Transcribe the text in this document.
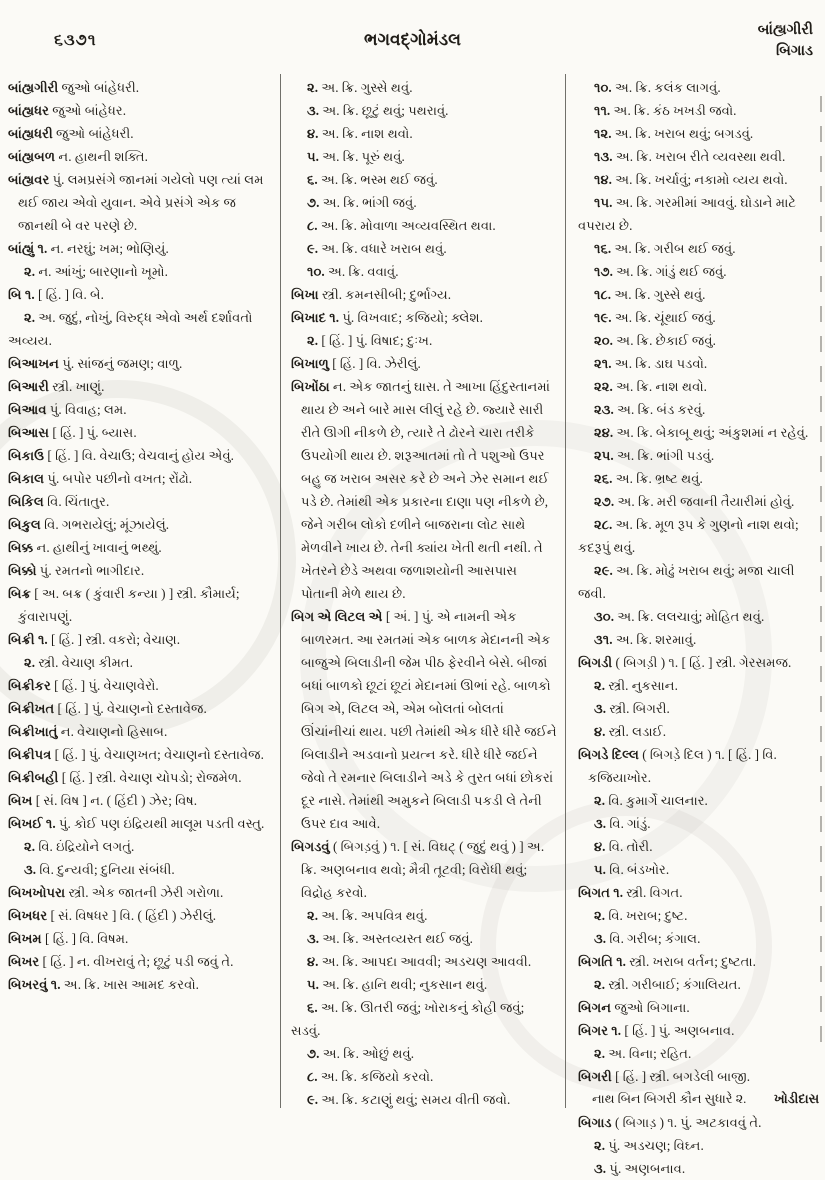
૬૩૭૧	ભગવદ્ગોમંડલ	બાંહ્યગીરી
બિગાડ

બાંહ્યગીરી જુઓ બાંહેધરી.

બાંહ્યધર જુઓ બાંહેધર.

બાંહ્યધરી જુઓ બાંહેધરી.

બાંહ્યબળ ન. હાથની શક્તિ.

બાંહ્યવર પું. લમપ્રસંગે જાનમાં ગયેલો પણ ત્યાં લમ થઈ જાય એવો યુવાન. એવે પ્રસંગે એક જ જાનથી બે વર પરણે છે.

બાંહ્યું ૧. ન. નરઘું; ખમ; ભોણિયું.

૨. ન. આંખું; બારણાનો ખૂમો.

બિ ૧. [ હિં. ] વિ. બે.

૨. અ. જુદું, નોખું, વિરુદ્ધ એવો અર્થ દર્શાવતો અવ્યય.

બિઆખન પું. સાંજનું જમણ; વાળુ.

બિઆરી સ્ત્રી. ખાણું.

બિઆવ પું. વિવાહ; લમ.

બિઆસ [ હિં. ] પું. બ્યાસ.

બિકાઉ [ હિં. ] વિ. વેચાઉ; વેચવાનું હોય એવું.

બિકાલ પું. બપોર પછીનો વખત; રોંઢો.

બિકિલ વિ. ચિંતાતુર.

બિકુલ વિ. ગભરાયેલું; મૂંઝાયેલું.

બિક્ક ન. હાથીનું ખાવાનું ભથ્થું.

બિક્કો પું. રમતનો ભાગીદાર.

બિક્ર [ અ. બક્ર ( કુંવારી કન્યા ) ] સ્ત્રી. કૌમાર્ય; કુંવારાપણું.

બિક્રી ૧. [ હિં. ] સ્ત્રી. વકરો; વેચાણ.

૨. સ્ત્રી. વેચાણ કીમત.

બિક્રીકર [ હિં. ] પું. વેચાણવેરો.

બિક્રીખત [ હિં. ] પું. વેચાણનો દસ્તાવેજ.

બિક્રીખાતું ન. વેચાણનો હિસાબ.

બિક્રીપત્ર [ હિં. ] પું. વેચાણખત; વેચાણનો દસ્તાવેજ.

બિક્રીબહી [ હિં. ] સ્ત્રી. વેચાણ ચોપડો; રોજમેળ.

બિખ [ સં. વિષ ] ન. ( હિંદી ) ઝેર; વિષ.

બિખઈ ૧. પું. કોઈ પણ ઇંદ્રિયથી માલૂમ પડતી વસ્તુ.

૨. વિ. ઇંદ્રિયોને લગતું.

૩. વિ. દુન્યવી; દુનિયા સંબંધી.

બિખખોપરા સ્ત્રી. એક જાતની ઝેરી ગરોળા.

બિખધર [ સં. વિષધર ] વિ. ( હિંદી ) ઝેરીલું.

બિખમ [ હિં. ] વિ. વિષમ.

બિખર [ હિં. ] ન. વીખરાવું તે; છૂટું પડી જવું તે.

બિખરવું ૧. અ. ક્રિ. ખાસ આમદ કરવો.

૨. અ. ક્રિ. ગુસ્સે થવું.

૩. અ. ક્રિ. છૂટું થવું; પથરાવું.

૪. અ. ક્રિ. નાશ થવો.

૫. અ. ક્રિ. પૂરું થવું.

૬. અ. ક્રિ. ભસ્મ થઈ જવું.

૭. અ. ક્રિ. ભાંગી જવું.

૮. અ. ક્રિ. મોવાળા અવ્યવસ્થિત થવા.

૯. અ. ક્રિ. વધારે ખરાબ થવું.

૧૦. અ. ક્રિ. વવાવું.

બિખા સ્ત્રી. કમનસીબી; દુર્ભાગ્ય.

બિખાદ ૧. પું. વિખવાદ; કજિયો; ક્લેશ.

૨. [ હિં. ] પું. વિષાદ; દુઃખ.

બિખાળુ [ હિં. ] વિ. ઝેરીલું.

બિખોંઠા ન. એક જાતનું ઘાસ. તે આખા હિંદુસ્તાનમાં થાય છે અને બારે માસ લીલું રહે છે. જ્યારે સારી રીતે ઊગી નીકળે છે, ત્યારે તે ઢોરને ચારા તરીકે ઉપયોગી થાય છે. શરૂઆતમાં તો તે પશુઓ ઉપર બહુ જ ખરાબ અસર કરે છે અને ઝેર સમાન થઈ પડે છે. તેમાંથી એક પ્રકારના દાણા પણ નીકળે છે, જેને ગરીબ લોકો દળીને બાજરાના લોટ સાથે મેળવીને ખાય છે. તેની ક્યાંય ખેતી થતી નથી. તે ખેતરને છેડે અથવા જળાશયોની આસપાસ પોતાની મેળે થાય છે.

બિગ એ લિટલ એ [ અં. ] પું. એ નામની એક બાળરમત. આ રમતમાં એક બાળક મેદાનની એક બાજુએ બિલાડીની જેમ પીઠ ફેરવીને બેસે. બીજાં બધાં બાળકો છૂટાં છૂટાં મેદાનમાં ઊભાં રહે. બાળકો બિગ એ, લિટલ એ, એમ બોલતાં બોલતાં ઊંચાંનીચાં થાય. પછી તેમાંથી એક ધીરે ધીરે જઈને બિલાડીને અડવાનો પ્રયત્ન કરે. ધીરે ધીરે જઈને જેવો તે રમનાર બિલાડીને અડે કે તુરત બધાં છોકરાં દૂર નાસે. તેમાંથી અમુકને બિલાડી પકડી લે તેની ઉપર દાવ આવે.

બિગડવું ( બિગડ઼વું ) ૧. [ સં. વિઘટ્ ( જુદું થવું ) ] અ. ક્રિ. અણબનાવ થવો; મૈત્રી તૂટવી; વિરોધી થવું; વિદ્રોહ કરવો.

૨. અ. ક્રિ. અપવિત્ર થવું.

૩. અ. ક્રિ. અસ્તવ્યસ્ત થઈ જવું.

૪. અ. ક્રિ. આપદા આવવી; અડચણ આવવી.

૫. અ. ક્રિ. હાનિ થવી; નુકસાન થવું.

૬. અ. ક્રિ. ઊતરી જવું; ખોરાકનું કોહી જવું; સડવું.

૭. અ. ક્રિ. ઓછું થવું.

૮. અ. ક્રિ. કજિયો કરવો.

૯. અ. ક્રિ. કટાણું થવું; સમય વીતી જવો.

૧૦. અ. ક્રિ. કલંક લાગવું.

૧૧. અ. ક્રિ. કંઠ ખખડી જવો.

૧૨. અ. ક્રિ. ખરાબ થવું; બગડવું.

૧૩. અ. ક્રિ. ખરાબ રીતે વ્યવસ્થા થવી.

૧૪. અ. ક્રિ. ખર્ચાવું; નકામો વ્યય થવો.

૧૫. અ. ક્રિ. ગરમીમાં આવવું. ઘોડાને માટે વપરાય છે.

૧૬. અ. ક્રિ. ગરીબ થઈ જવું.

૧૭. અ. ક્રિ. ગાંડું થઈ જવું.

૧૮. અ. ક્રિ. ગુસ્સે થવું.

૧૯. અ. ક્રિ. ચૂંથાઈ જવું.

૨૦. અ. ક્રિ. છેકાઈ જવું.

૨૧. અ. ક્રિ. ડાઘ પડવો.

૨૨. અ. ક્રિ. નાશ થવો.

૨૩. અ. ક્રિ. બંડ કરવું.

૨૪. અ. ક્રિ. બેકાબૂ થવું; અંકુશમાં ન રહેવું.

૨૫. અ. ક્રિ. ભાંગી પડવું.

૨૬. અ. ક્રિ. ભ્રષ્ટ થવું.

૨૭. અ. ક્રિ. મરી જવાની તૈયારીમાં હોવું.

૨૮. અ. ક્રિ. મૂળ રૂપ કે ગુણનો નાશ થવો; કદરૂપું થવું.

૨૯. અ. ક્રિ. મોઢું ખરાબ થવું; મજા ચાલી જવી.

૩૦. અ. ક્રિ. લલચાવું; મોહિત થવું.

૩૧. અ. ક્રિ. શરમાવું.

બિગડી ( બિગડ઼ી ) ૧. [ હિં. ] સ્ત્રી. ગેરસમજ.

૨. સ્ત્રી. નુકસાન.

૩. સ્ત્રી. બિગરી.

૪. સ્ત્રી. લડાઈ.

બિગડે દિલ્લ ( બિગડ઼ે દિલ ) ૧. [ હિં. ] વિ. કજિયાખોર.

૨. વિ. કુમાર્ગે ચાલનાર.

૩. વિ. ગાંડું.

૪. વિ. તોરી.

૫. વિ. બંડખોર.

બિગત ૧. સ્ત્રી. વિગત.

૨. વિ. ખરાબ; દુષ્ટ.

૩. વિ. ગરીબ; કંગાલ.

બિગતિ ૧. સ્ત્રી. ખરાબ વર્તન; દુષ્ટતા.

૨. સ્ત્રી. ગરીબાઈ; કંગાલિયત.

બિગન જુઓ બિગાના.

બિગર ૧. [ હિં. ] પું. અણબનાવ.

૨. અ. વિના; રહિત.

બિગરી [ હિં. ] સ્ત્રી. બગડેલી બાજી.

નાથ બિન બિગરી કૌન સુધારે ૨. ખોડીદાસ

બિગાડ ( બિગાડ઼ ) ૧. પું. અટકાવવું તે.

૨. પું. અડચણ; વિઘ્ન.

૩. પું. અણબનાવ.
